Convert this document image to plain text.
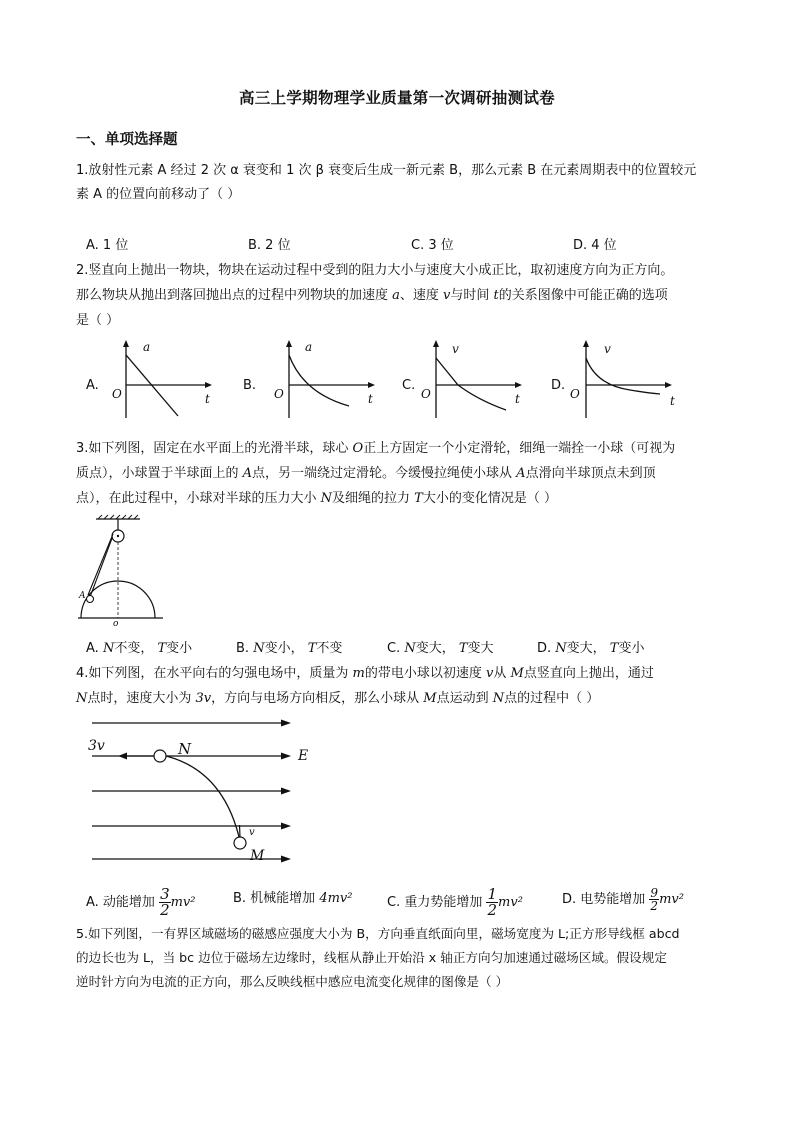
高三上学期物理学业质量第一次调研抽测试卷
一、单项选择题
1.放射性元素 A 经过 2 次 α 衰变和 1 次 β 衰变后生成一新元素 B，那么元素 B 在元素周期表中的位置较元
素 A 的位置向前移动了（ ）
A. 1 位	B. 2 位	C. 3 位	D. 4 位
2.竖直向上抛出一物块，物块在运动过程中受到的阻力大小与速度大小成正比，取初速度方向为正方向。
那么物块从抛出到落回抛出点的过程中列物块的加速度 a、速度 v与时间 t的关系图像中可能正确的选项
是（ ）
A.
a
O	t
B.
a
O	t
C.
v
O	t
D.
v
O	t
3.如下列图，固定在水平面上的光滑半球，球心 O正上方固定一个小定滑轮，细绳一端拴一小球（可视为
质点），小球置于半球面上的 A点，另一端绕过定滑轮。今缓慢拉绳使小球从 A点滑向半球顶点未到顶
点），在此过程中，小球对半球的压力大小 N及细绳的拉力 T大小的变化情况是（ ）
A
o
A. N不变， T变小	B. N变小， T不变	C. N变大， T变大	D. N变大， T变小
4.如下列图，在水平向右的匀强电场中，质量为 m的带电小球以初速度 v从 M点竖直向上抛出，通过
N点时，速度大小为 3v，方向与电场方向相反，那么小球从 M点运动到 N点的过程中（ ）
3v	N	E
v
M
A. 动能增加 $\frac{3}{2} mv^2$	B. 机械能增加 4mv²	C. 重力势能增加 $\frac{1}{2} mv^2$	D. 电势能增加 $\frac{9}{2} mv^2$
5.如下列图，一有界区域磁场的磁感应强度大小为 B，方向垂直纸面向里，磁场宽度为 L;正方形导线框 abcd
的边长也为 L，当 bc 边位于磁场左边缘时，线框从静止开始沿 x 轴正方向匀加速通过磁场区域。假设规定
逆时针方向为电流的正方向，那么反映线框中感应电流变化规律的图像是（ ）
